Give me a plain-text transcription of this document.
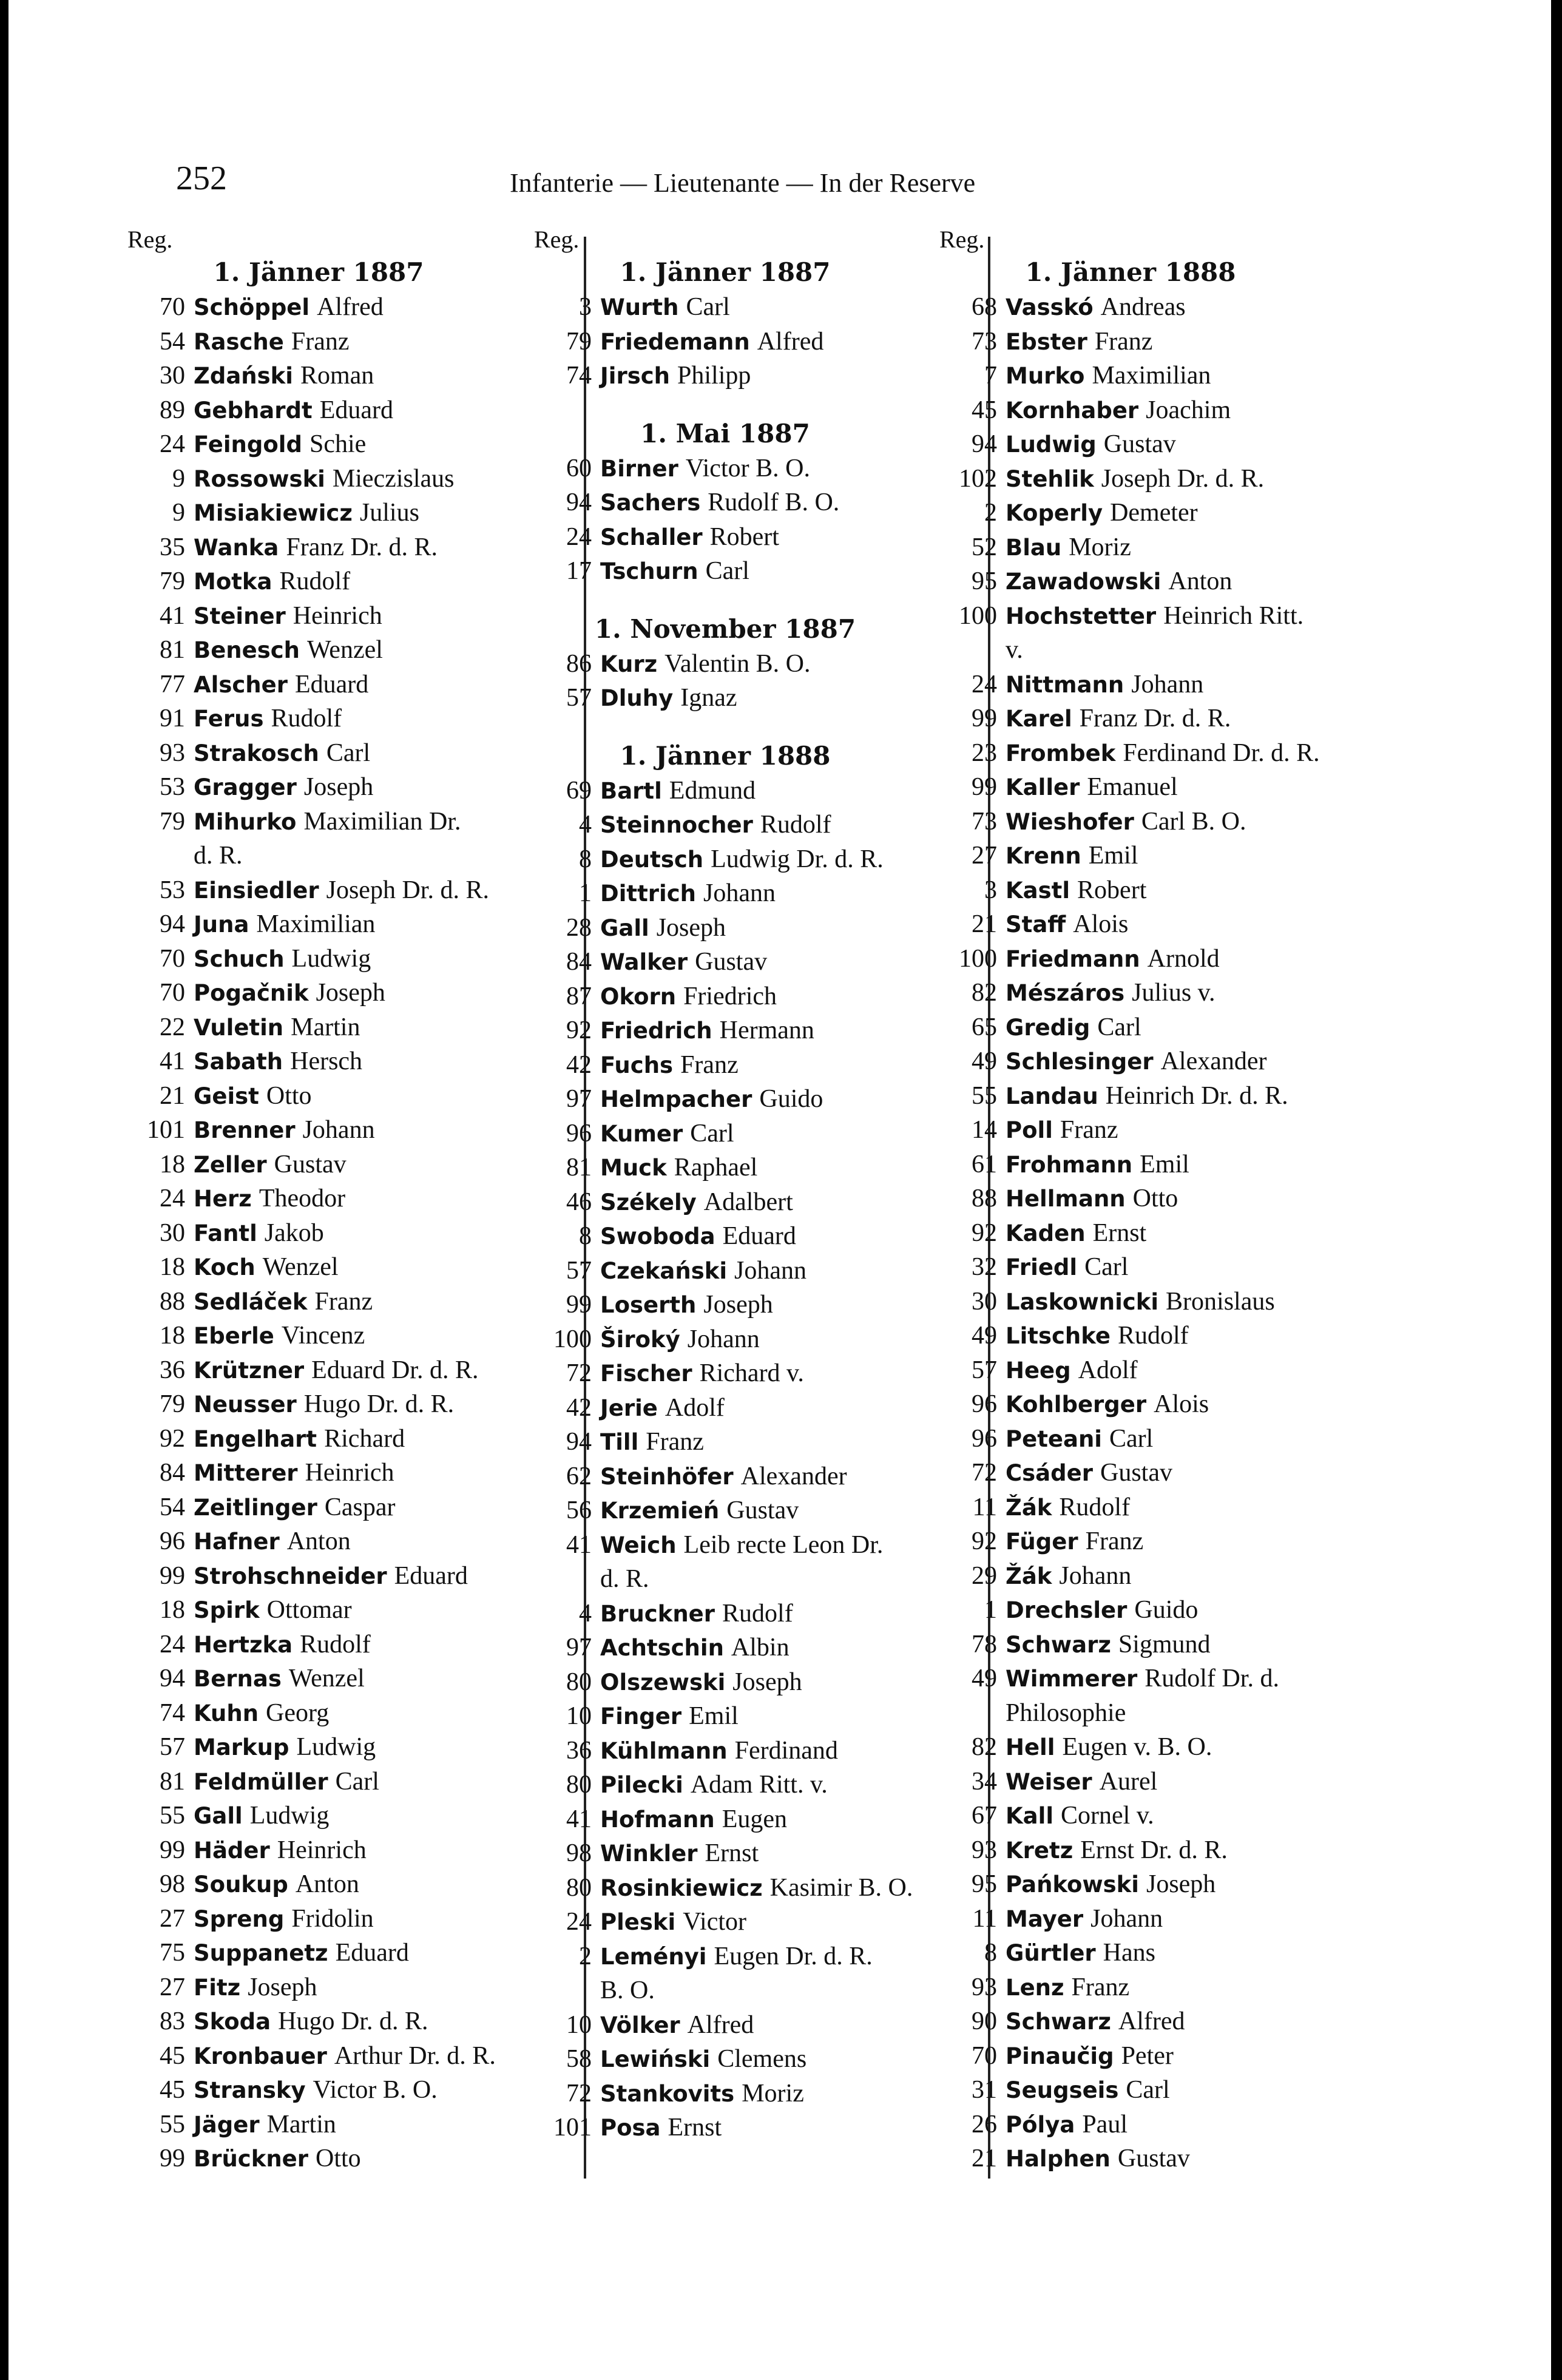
252	Infanterie — Lieutenante — In der Reserve
Reg.
1. Jänner 1887
70 Schöppel Alfred
54 Rasche Franz
30 Zdański Roman
89 Gebhardt Eduard
24 Feingold Schie
9 Rossowski Mieczislaus
9 Misiakiewicz Julius
35 Wanka Franz Dr. d. R.
79 Motka Rudolf
41 Steiner Heinrich
81 Benesch Wenzel
77 Alscher Eduard
91 Ferus Rudolf
93 Strakosch Carl
53 Gragger Joseph
79 Mihurko Maximilian Dr.
d. R.
53 Einsiedler Joseph Dr. d. R.
94 Juna Maximilian
70 Schuch Ludwig
70 Pogačnik Joseph
22 Vuletin Martin
41 Sabath Hersch
21 Geist Otto
101 Brenner Johann
18 Zeller Gustav
24 Herz Theodor
30 Fantl Jakob
18 Koch Wenzel
88 Sedláček Franz
18 Eberle Vincenz
36 Krützner Eduard Dr. d. R.
79 Neusser Hugo Dr. d. R.
92 Engelhart Richard
84 Mitterer Heinrich
54 Zeitlinger Caspar
96 Hafner Anton
99 Strohschneider Eduard
18 Spirk Ottomar
24 Hertzka Rudolf
94 Bernas Wenzel
74 Kuhn Georg
57 Markup Ludwig
81 Feldmüller Carl
55 Gall Ludwig
99 Häder Heinrich
98 Soukup Anton
27 Spreng Fridolin
75 Suppanetz Eduard
27 Fitz Joseph
83 Skoda Hugo Dr. d. R.
45 Kronbauer Arthur Dr. d. R.
45 Stransky Victor B. O.
55 Jäger Martin
99 Brückner Otto
Reg.
1. Jänner 1887
3 Wurth Carl
79 Friedemann Alfred
74 Jirsch Philipp
1. Mai 1887
60 Birner Victor B. O.
94 Sachers Rudolf B. O.
24 Schaller Robert
17 Tschurn Carl
1. November 1887
86 Kurz Valentin B. O.
57 Dluhy Ignaz
1. Jänner 1888
69 Bartl Edmund
4 Steinnocher Rudolf
8 Deutsch Ludwig Dr. d. R.
1 Dittrich Johann
28 Gall Joseph
84 Walker Gustav
87 Okorn Friedrich
92 Friedrich Hermann
42 Fuchs Franz
97 Helmpacher Guido
96 Kumer Carl
81 Muck Raphael
46 Székely Adalbert
8 Swoboda Eduard
57 Czekański Johann
99 Loserth Joseph
100 Široký Johann
72 Fischer Richard v.
42 Jerie Adolf
94 Till Franz
62 Steinhöfer Alexander
56 Krzemień Gustav
41 Weich Leib recte Leon Dr.
d. R.
4 Bruckner Rudolf
97 Achtschin Albin
80 Olszewski Joseph
10 Finger Emil
36 Kühlmann Ferdinand
80 Pilecki Adam Ritt. v.
41 Hofmann Eugen
98 Winkler Ernst
80 Rosinkiewicz Kasimir B. O.
24 Pleski Victor
2 Leményi Eugen Dr. d. R.
B. O.
10 Völker Alfred
58 Lewiński Clemens
72 Stankovits Moriz
101 Posa Ernst
Reg.
1. Jänner 1888
68 Vasskó Andreas
73 Ebster Franz
7 Murko Maximilian
45 Kornhaber Joachim
94 Ludwig Gustav
102 Stehlik Joseph Dr. d. R.
2 Koperly Demeter
52 Blau Moriz
95 Zawadowski Anton
100 Hochstetter Heinrich Ritt.
v.
24 Nittmann Johann
99 Karel Franz Dr. d. R.
23 Frombek Ferdinand Dr. d. R.
99 Kaller Emanuel
73 Wieshofer Carl B. O.
27 Krenn Emil
3 Kastl Robert
21 Staff Alois
100 Friedmann Arnold
82 Mészáros Julius v.
65 Gredig Carl
49 Schlesinger Alexander
55 Landau Heinrich Dr. d. R.
14 Poll Franz
61 Frohmann Emil
88 Hellmann Otto
92 Kaden Ernst
32 Friedl Carl
30 Laskownicki Bronislaus
49 Litschke Rudolf
57 Heeg Adolf
96 Kohlberger Alois
96 Peteani Carl
72 Csáder Gustav
11 Žák Rudolf
92 Füger Franz
29 Žák Johann
1 Drechsler Guido
78 Schwarz Sigmund
49 Wimmerer Rudolf Dr. d.
Philosophie
82 Hell Eugen v. B. O.
34 Weiser Aurel
67 Kall Cornel v.
93 Kretz Ernst Dr. d. R.
95 Pańkowski Joseph
11 Mayer Johann
8 Gürtler Hans
93 Lenz Franz
90 Schwarz Alfred
70 Pinaučig Peter
31 Seugseis Carl
26 Pólya Paul
21 Halphen Gustav
